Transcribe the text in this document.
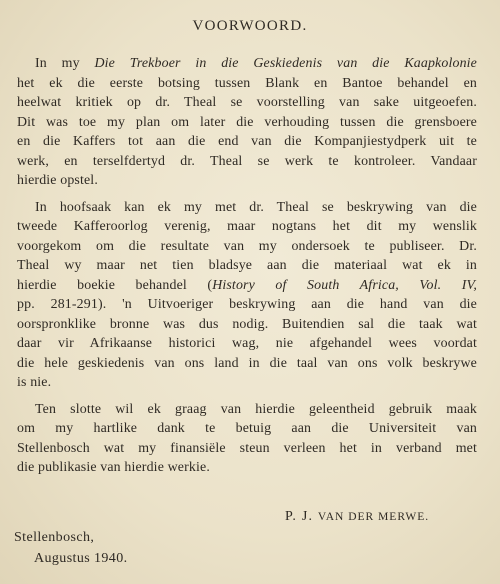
VOORWOORD.

In my Die Trekboer in die Geskiedenis van die Kaapkolonie
het ek die eerste botsing tussen Blank en Bantoe behandel en
heelwat kritiek op dr. Theal se voorstelling van sake uitgeoefen.
Dit was toe my plan om later die verhouding tussen die grensboere
en die Kaffers tot aan die end van die Kompanjiestydperk uit te
werk, en terselfdertyd dr. Theal se werk te kontroleer. Vandaar
hierdie opstel.

In hoofsaak kan ek my met dr. Theal se beskrywing van die
tweede Kafferoorlog verenig, maar nogtans het dit my wenslik
voorgekom om die resultate van my ondersoek te publiseer. Dr.
Theal wy maar net tien bladsye aan die materiaal wat ek in
hierdie boekie behandel (History of South Africa, Vol. IV,
pp. 281-291). 'n Uitvoeriger beskrywing aan die hand van die
oorspronklike bronne was dus nodig. Buitendien sal die taak wat
daar vir Afrikaanse historici wag, nie afgehandel wees voordat
die hele geskiedenis van ons land in die taal van ons volk beskrywe
is nie.

Ten slotte wil ek graag van hierdie geleentheid gebruik maak
om my hartlike dank te betuig aan die Universiteit van
Stellenbosch wat my finansiële steun verleen het in verband met
die publikasie van hierdie werkie.

P. J. VAN DER MERWE.
Stellenbosch,
Augustus 1940.
